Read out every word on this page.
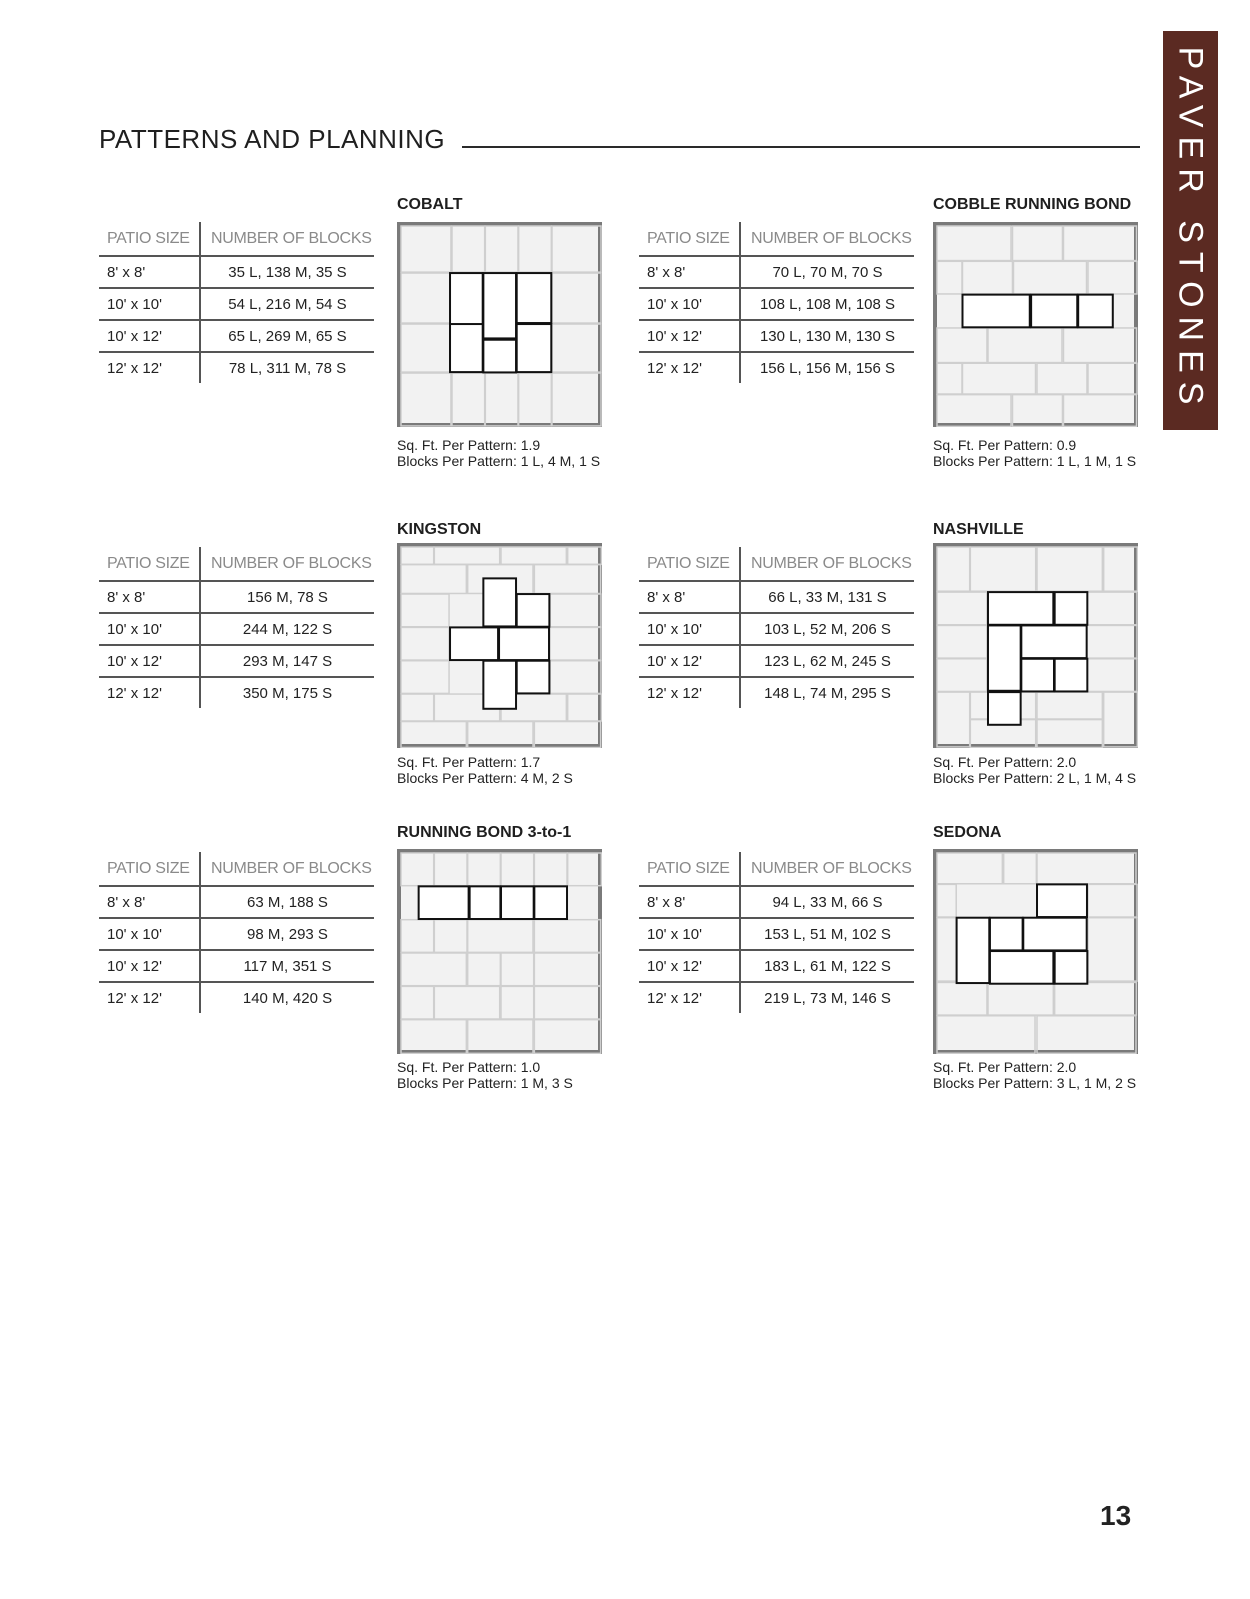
PATTERNS AND PLANNING	PAVER STONES
13
PATIO SIZE	NUMBER OF BLOCKS
8' x 8'	35 L, 138 M, 35 S
10' x 10'	54 L, 216 M, 54 S
10' x 12'	65 L, 269 M, 65 S
12' x 12'	78 L, 311 M, 78 S
COBALT
Sq. Ft. Per Pattern: 1.9
Blocks Per Pattern: 1 L, 4 M, 1 S
PATIO SIZE	NUMBER OF BLOCKS
8' x 8'	70 L, 70 M, 70 S
10' x 10'	108 L, 108 M, 108 S
10' x 12'	130 L, 130 M, 130 S
12' x 12'	156 L, 156 M, 156 S
COBBLE RUNNING BOND
Sq. Ft. Per Pattern: 0.9
Blocks Per Pattern: 1 L, 1 M, 1 S
PATIO SIZE	NUMBER OF BLOCKS
8' x 8'	156 M, 78 S
10' x 10'	244 M, 122 S
10' x 12'	293 M, 147 S
12' x 12'	350 M, 175 S
KINGSTON
Sq. Ft. Per Pattern: 1.7
Blocks Per Pattern: 4 M, 2 S
PATIO SIZE	NUMBER OF BLOCKS
8' x 8'	66 L, 33 M, 131 S
10' x 10'	103 L, 52 M, 206 S
10' x 12'	123 L, 62 M, 245 S
12' x 12'	148 L, 74 M, 295 S
NASHVILLE
Sq. Ft. Per Pattern: 2.0
Blocks Per Pattern: 2 L, 1 M, 4 S
PATIO SIZE	NUMBER OF BLOCKS
8' x 8'	63 M, 188 S
10' x 10'	98 M, 293 S
10' x 12'	117 M, 351 S
12' x 12'	140 M, 420 S
RUNNING BOND 3-to-1
Sq. Ft. Per Pattern: 1.0
Blocks Per Pattern: 1 M, 3 S
PATIO SIZE	NUMBER OF BLOCKS
8' x 8'	94 L, 33 M, 66 S
10' x 10'	153 L, 51 M, 102 S
10' x 12'	183 L, 61 M, 122 S
12' x 12'	219 L, 73 M, 146 S
SEDONA
Sq. Ft. Per Pattern: 2.0
Blocks Per Pattern: 3 L, 1 M, 2 S
